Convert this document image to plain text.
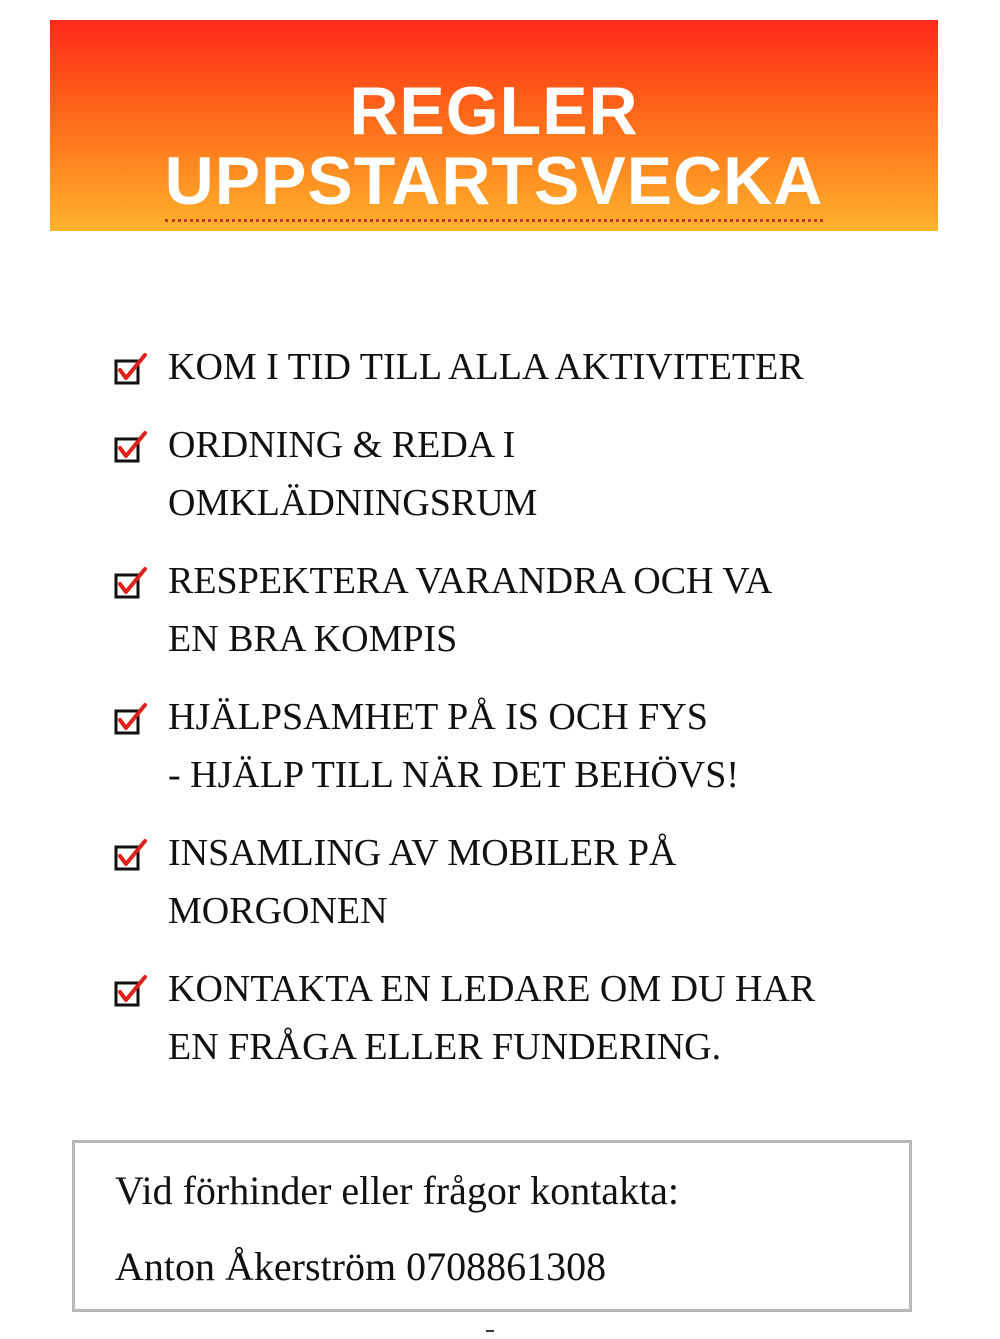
REGLER
UPPSTARTSVECKA
KOM I TID TILL ALLA AKTIVITETER
ORDNING & REDA I
OMKLÄDNINGSRUM
RESPEKTERA VARANDRA OCH VA
EN BRA KOMPIS
HJÄLPSAMHET PÅ IS OCH FYS
- HJÄLP TILL NÄR DET BEHÖVS!
INSAMLING AV MOBILER PÅ
MORGONEN
KONTAKTA EN LEDARE OM DU HAR
EN FRÅGA ELLER FUNDERING.
Vid förhinder eller frågor kontakta:
Anton Åkerström 0708861308
